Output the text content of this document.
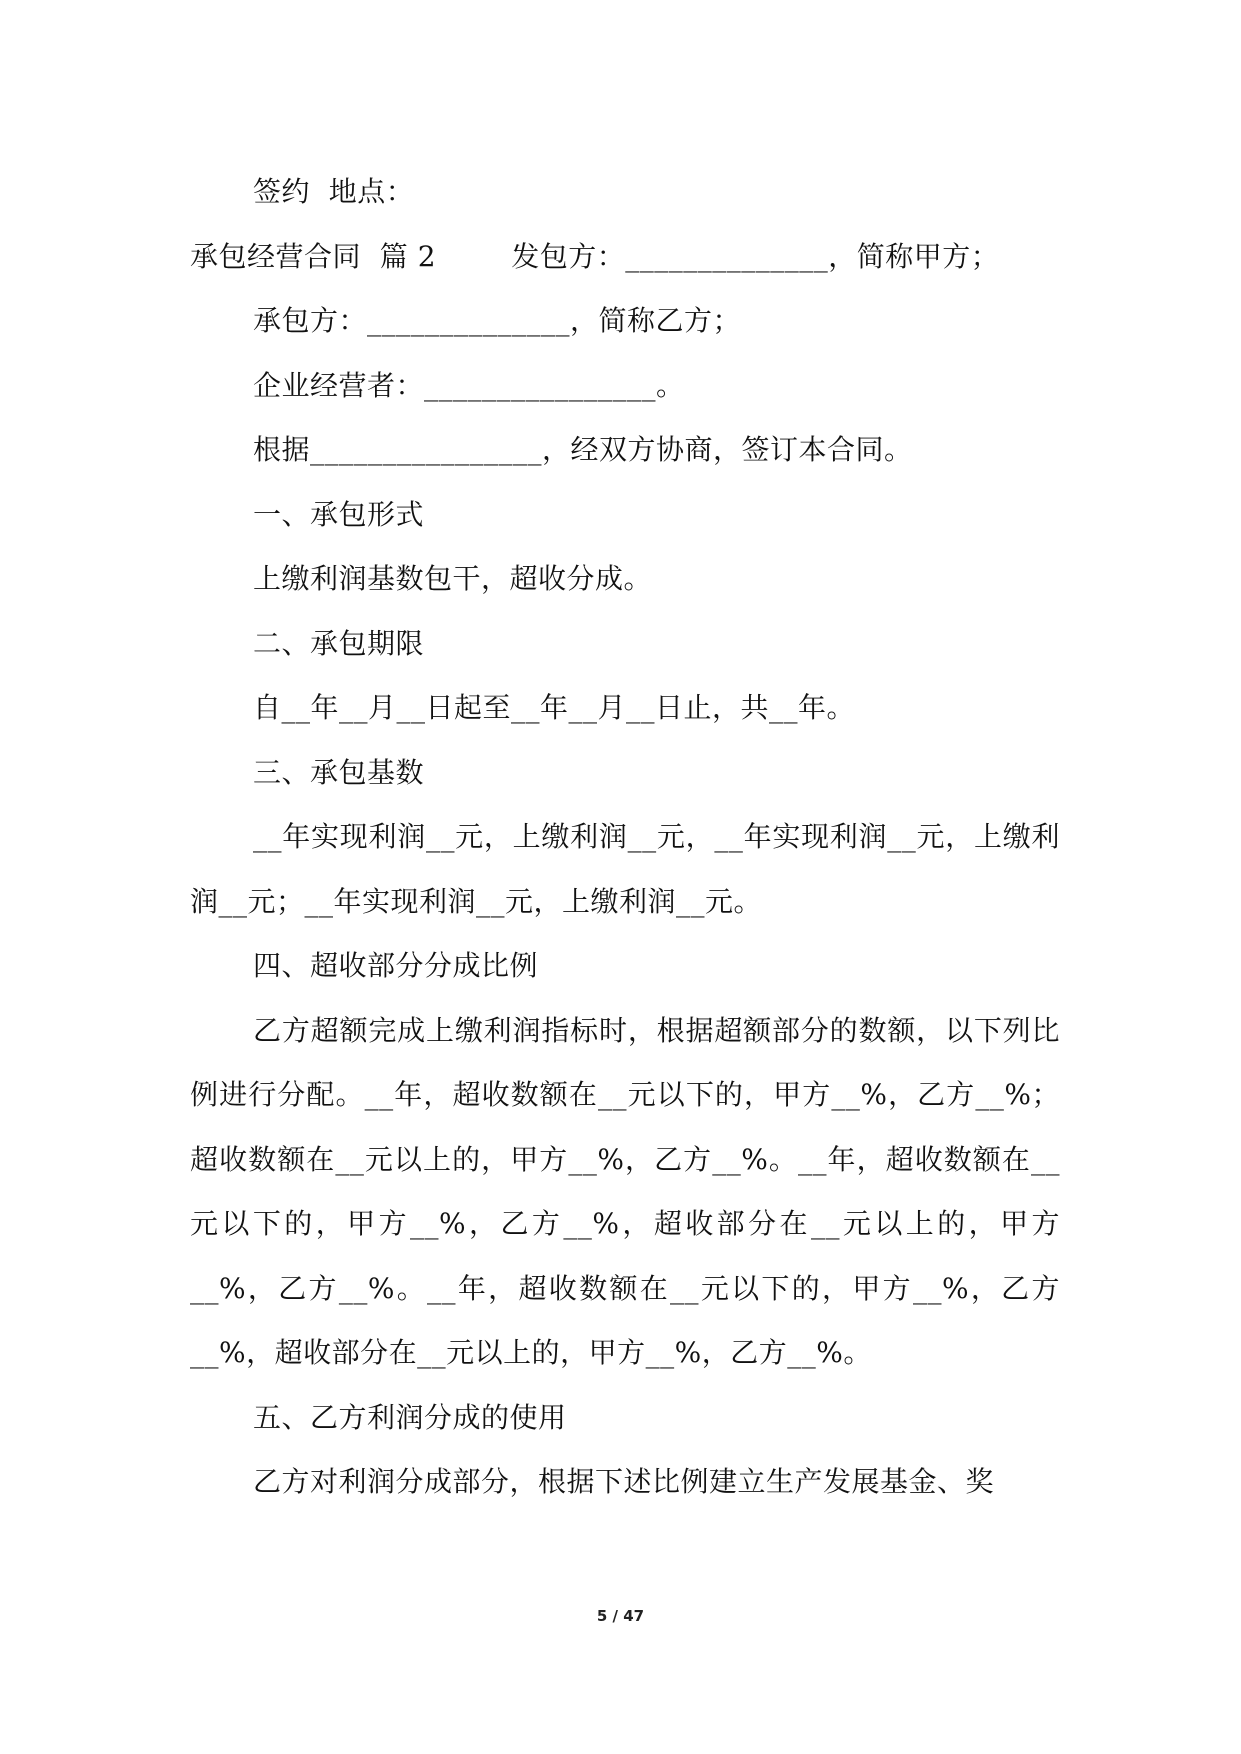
签约  地点：
承包经营合同  篇 2        发包方：______________，简称甲方；
承包方：______________，简称乙方；
企业经营者：________________。
根据________________，经双方协商，签订本合同。
一、承包形式
上缴利润基数包干，超收分成。
二、承包期限
自__年__月__日起至__年__月__日止，共__年。
三、承包基数

__年实现利润__元，上缴利润__元，__年实现利润__元，上缴利润__元；__年实现利润__元，上缴利润__元。

四、超收部分分成比例

乙方超额完成上缴利润指标时，根据超额部分的数额，以下列比例进行分配。__年，超收数额在__元以下的，甲方__%，乙方__%；超收数额在__元以上的，甲方__%，乙方__%。__年，超收数额在__元以下的，甲方__%，乙方__%，超收部分在__元以上的，甲方__%，乙方__%。__年，超收数额在__元以下的，甲方__%，乙方__%，超收部分在__元以上的，甲方__%，乙方__%。

五、乙方利润分成的使用

乙方对利润分成部分，根据下述比例建立生产发展基金、奖

5 / 47
